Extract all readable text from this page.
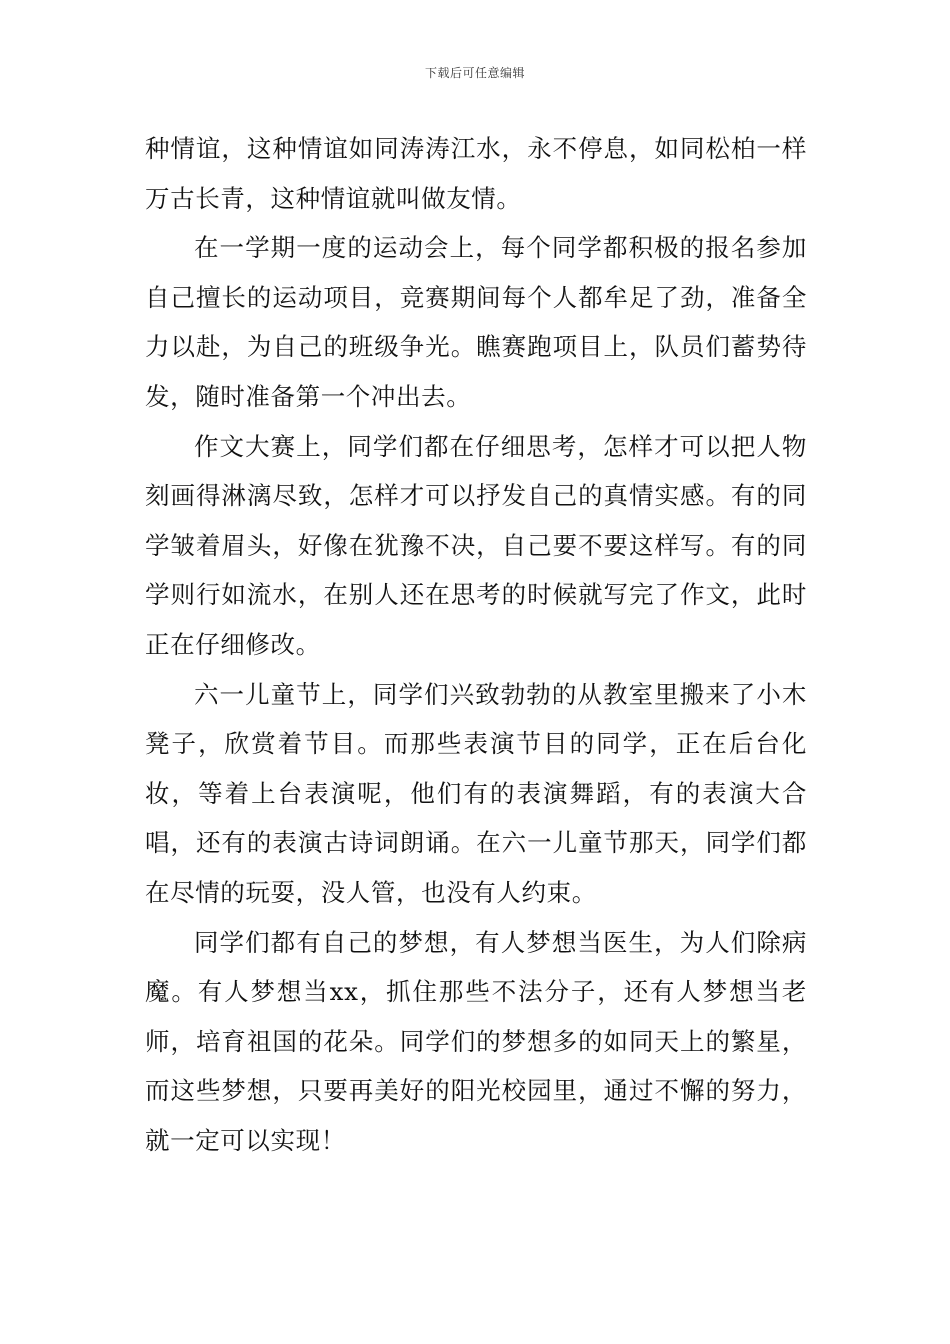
下载后可任意编辑

种情谊，这种情谊如同涛涛江水，永不停息，如同松柏一样万古长青，这种情谊就叫做友情。

在一学期一度的运动会上，每个同学都积极的报名参加自己擅长的运动项目，竞赛期间每个人都牟足了劲，准备全力以赴，为自己的班级争光。瞧赛跑项目上，队员们蓄势待发，随时准备第一个冲出去。

作文大赛上，同学们都在仔细思考，怎样才可以把人物刻画得淋漓尽致，怎样才可以抒发自己的真情实感。有的同学皱着眉头，好像在犹豫不决，自己要不要这样写。有的同学则行如流水，在别人还在思考的时候就写完了作文，此时正在仔细修改。

六一儿童节上，同学们兴致勃勃的从教室里搬来了小木凳子，欣赏着节目。而那些表演节目的同学，正在后台化妆，等着上台表演呢，他们有的表演舞蹈，有的表演大合唱，还有的表演古诗词朗诵。在六一儿童节那天，同学们都在尽情的玩耍，没人管，也没有人约束。

同学们都有自己的梦想，有人梦想当医生，为人们除病魔。有人梦想当xx，抓住那些不法分子，还有人梦想当老师，培育祖国的花朵。同学们的梦想多的如同天上的繁星，而这些梦想，只要再美好的阳光校园里，通过不懈的努力，就一定可以实现！
